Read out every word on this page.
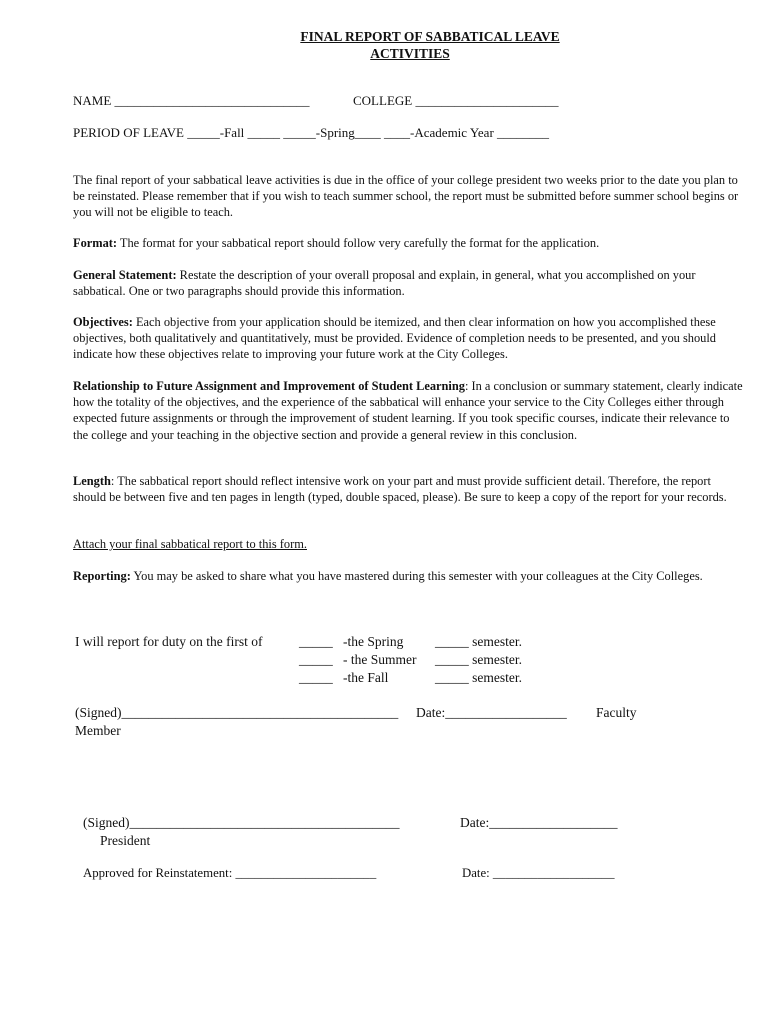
FINAL REPORT OF SABBATICAL LEAVE
ACTIVITIES
NAME ______________________________	COLLEGE ______________________
PERIOD OF LEAVE _____-Fall _____ _____-Spring____ ____-Academic Year ________
The final report of your sabbatical leave activities is due in the office of your college president two weeks prior to the date you plan to be reinstated. Please remember that if you wish to teach summer school, the report must be submitted before summer school begins or you will not be eligible to teach.
Format: The format for your sabbatical report should follow very carefully the format for the application.
General Statement: Restate the description of your overall proposal and explain, in general, what you accomplished on your sabbatical. One or two paragraphs should provide this information.
Objectives: Each objective from your application should be itemized, and then clear information on how you accomplished these objectives, both qualitatively and quantitatively, must be provided. Evidence of completion needs to be presented, and you should indicate how these objectives relate to improving your future work at the City Colleges.
Relationship to Future Assignment and Improvement of Student Learning: In a conclusion or summary statement, clearly indicate how the totality of the objectives, and the experience of the sabbatical will enhance your service to the City Colleges either through expected future assignments or through the improvement of student learning. If you took specific courses, indicate their relevance to the college and your teaching in the objective section and provide a general review in this conclusion.
Length: The sabbatical report should reflect intensive work on your part and must provide sufficient detail. Therefore, the report should be between five and ten pages in length (typed, double spaced, please). Be sure to keep a copy of the report for your records.
Attach your final sabbatical report to this form.
Reporting: You may be asked to share what you have mastered during this semester with your colleagues at the City Colleges.
I will report for duty on the first of	_____ -the Spring _____ semester.
_____ - the Summer _____ semester.
_____ -the Fall	_____ semester.
(Signed)_________________________________________ Date:__________________ Faculty
Member
(Signed)________________________________________	Date:___________________
President
Approved for Reinstatement: ______________________	Date: ___________________
